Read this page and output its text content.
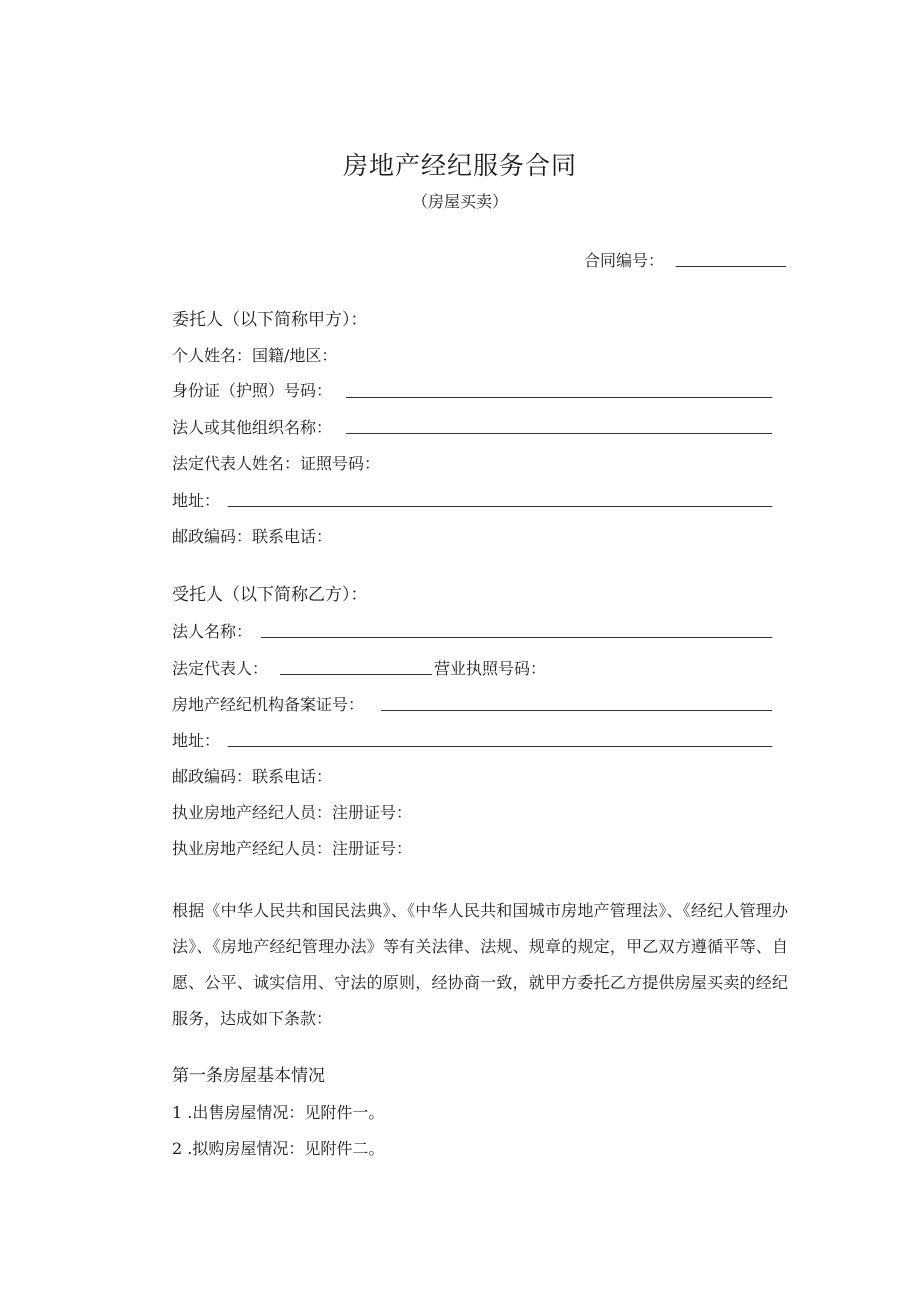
房地产经纪服务合同
（房屋买卖）
合同编号：
委托人（以下简称甲方）：
个人姓名：国籍/地区：
身份证（护照）号码：
法人或其他组织名称：
法定代表人姓名：证照号码：
地址：
邮政编码：联系电话：
受托人（以下简称乙方）：
法人名称：
法定代表人：	营业执照号码：
房地产经纪机构备案证号：
地址：
邮政编码：联系电话：
执业房地产经纪人员：注册证号：
执业房地产经纪人员：注册证号：
根据《中华人民共和国民法典》、《中华人民共和国城市房地产管理法》、《经纪人管理办法》、《房地产经纪管理办法》等有关法律、法规、规章的规定，甲乙双方遵循平等、自愿、公平、诚实信用、守法的原则，经协商一致，就甲方委托乙方提供房屋买卖的经纪服务，达成如下条款：
第一条房屋基本情况
1 .出售房屋情况：见附件一。
2 .拟购房屋情况：见附件二。
